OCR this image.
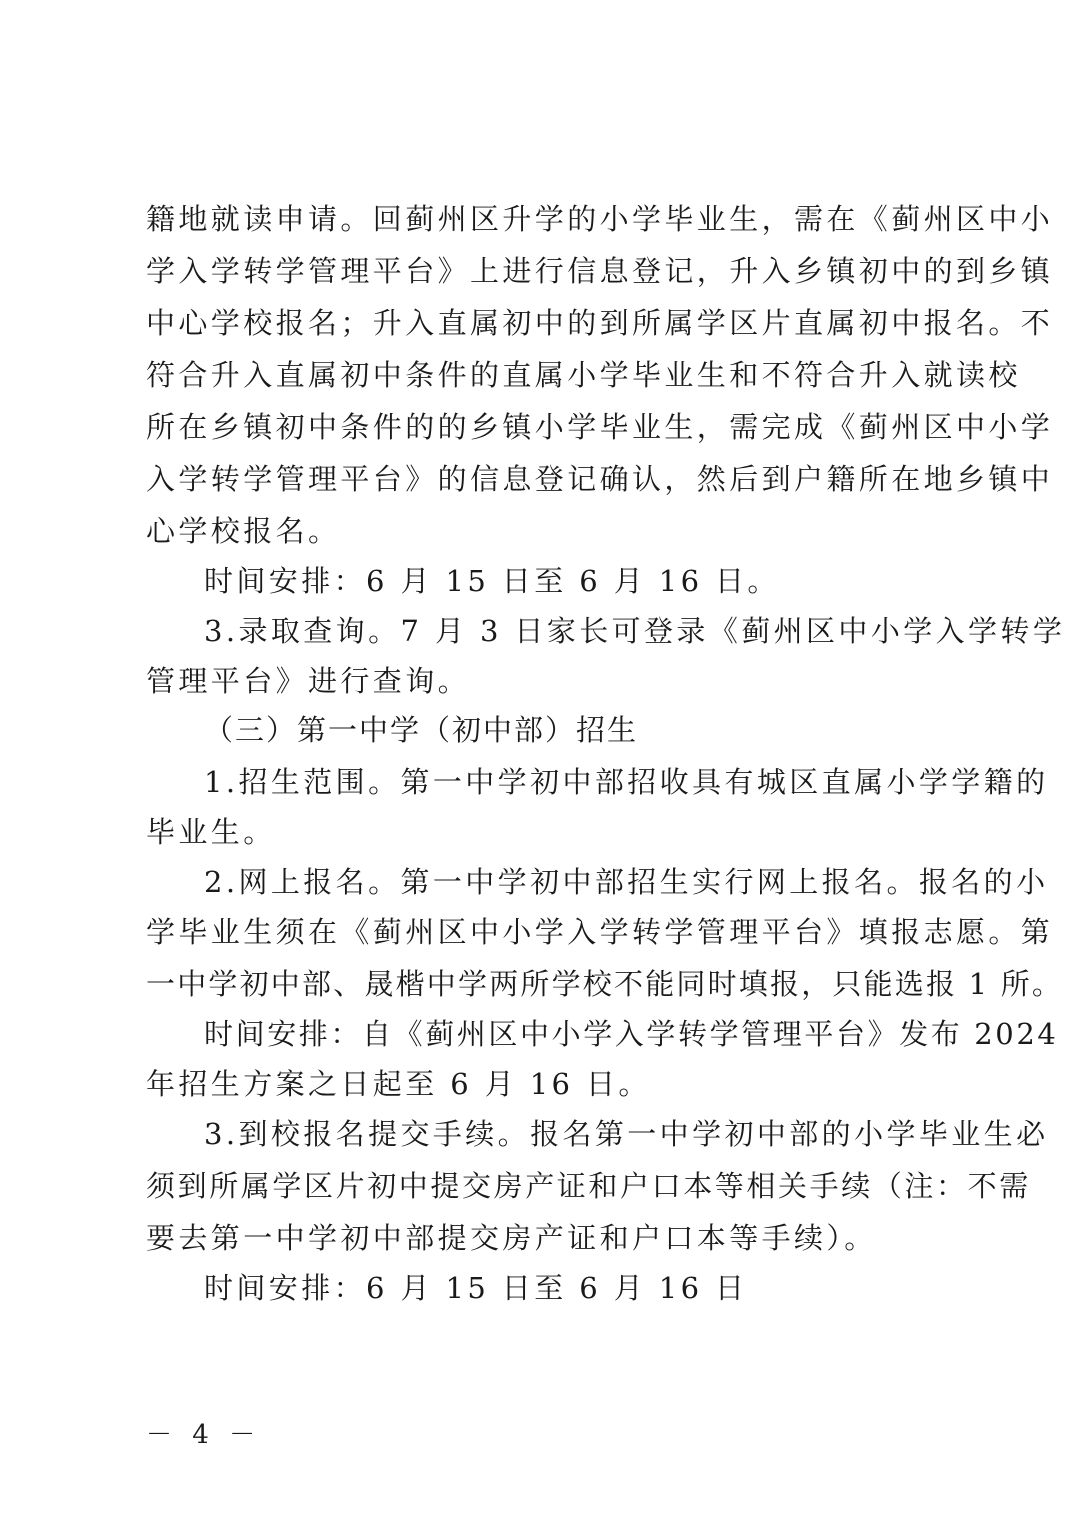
籍地就读申请。回蓟州区升学的小学毕业生，需在《蓟州区中小
学入学转学管理平台》上进行信息登记，升入乡镇初中的到乡镇
中心学校报名；升入直属初中的到所属学区片直属初中报名。不
符合升入直属初中条件的直属小学毕业生和不符合升入就读校
所在乡镇初中条件的的乡镇小学毕业生，需完成《蓟州区中小学
入学转学管理平台》的信息登记确认，然后到户籍所在地乡镇中
心学校报名。
时间安排：6 月 15 日至 6 月 16 日。
3.录取查询。7 月 3 日家长可登录《蓟州区中小学入学转学
管理平台》进行查询。
（三）第一中学（初中部）招生
1.招生范围。第一中学初中部招收具有城区直属小学学籍的
毕业生。
2.网上报名。第一中学初中部招生实行网上报名。报名的小
学毕业生须在《蓟州区中小学入学转学管理平台》填报志愿。第
一中学初中部、晟楷中学两所学校不能同时填报，只能选报 1 所。
时间安排：自《蓟州区中小学入学转学管理平台》发布 2024
年招生方案之日起至 6 月 16 日。
3.到校报名提交手续。报名第一中学初中部的小学毕业生必
须到所属学区片初中提交房产证和户口本等相关手续（注：不需
要去第一中学初中部提交房产证和户口本等手续）。
时间安排：6 月 15 日至 6 月 16 日
－ 4 －
